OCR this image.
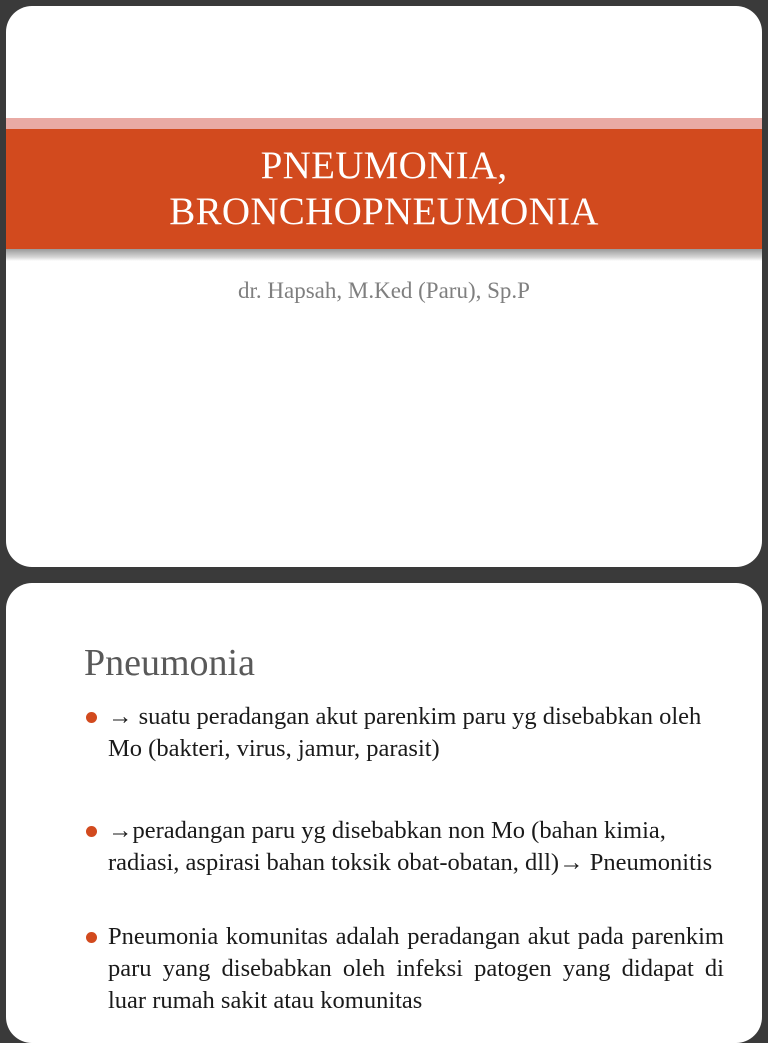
PNEUMONIA,
BRONCHOPNEUMONIA
dr. Hapsah, M.Ked (Paru), Sp.P
Pneumonia
→ suatu peradangan akut parenkim paru yg disebabkan oleh Mo (bakteri, virus, jamur, parasit)
→peradangan paru yg disebabkan non Mo (bahan kimia, radiasi, aspirasi bahan toksik obat-obatan, dll)→ Pneumonitis
Pneumonia komunitas adalah peradangan akut pada parenkim paru yang disebabkan oleh infeksi patogen yang didapat di luar rumah sakit atau komunitas
